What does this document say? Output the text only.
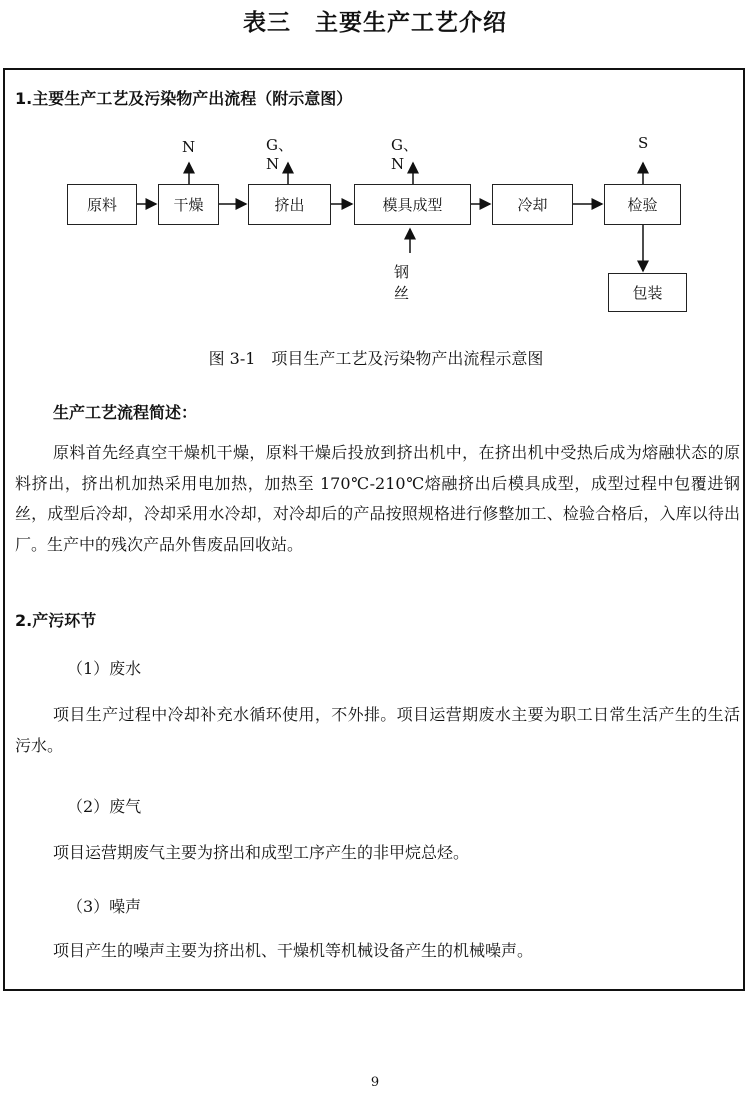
表三　主要生产工艺介绍
1.主要生产工艺及污染物产出流程（附示意图）
原料	干燥	挤出	模具成型	冷却	检验
包装
N	G、N
G、N
S
钢丝
图 3-1　项目生产工艺及污染物产出流程示意图
生产工艺流程简述：

原料首先经真空干燥机干燥，原料干燥后投放到挤出机中，在挤出机中受热后成为熔融状态的原料挤出，挤出机加热采用电加热，加热至 170℃-210℃熔融挤出后模具成型，成型过程中包覆进钢丝，成型后冷却，冷却采用水冷却，对冷却后的产品按照规格进行修整加工、检验合格后，入库以待出厂。生产中的残次产品外售废品回收站。

2.产污环节
（1）废水

项目生产过程中冷却补充水循环使用，不外排。项目运营期废水主要为职工日常生活产生的生活污水。

（2）废气

项目运营期废气主要为挤出和成型工序产生的非甲烷总烃。

（3）噪声

项目产生的噪声主要为挤出机、干燥机等机械设备产生的机械噪声。

9
